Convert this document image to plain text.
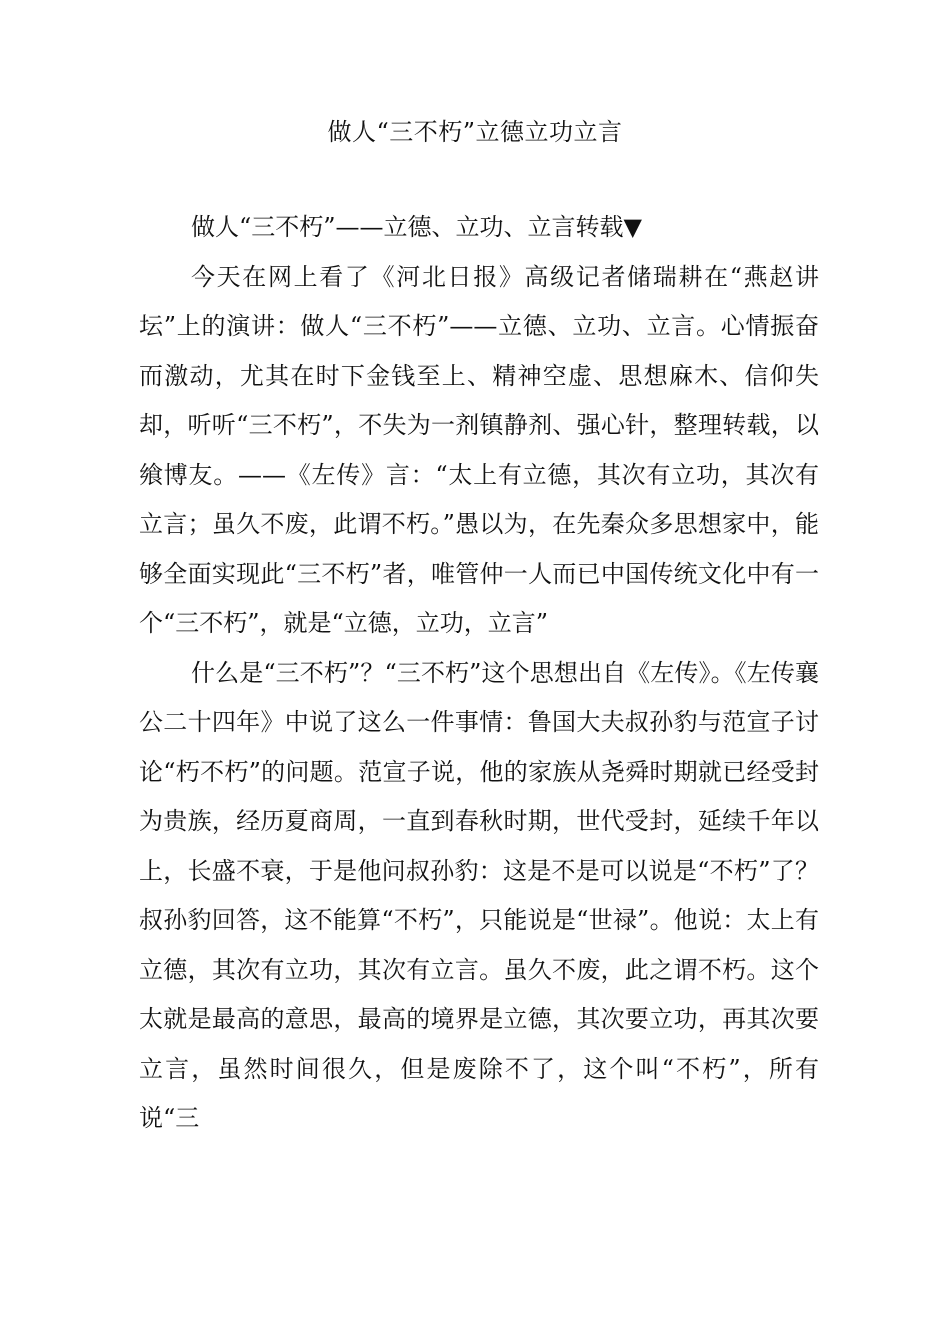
做人“三不朽”立德立功立言

做人“三不朽”——立德、立功、立言转载▼

今天在网上看了《河北日报》高级记者储瑞耕在“燕赵讲坛”上的演讲：做人“三不朽”——立德、立功、立言。心情振奋而激动，尤其在时下金钱至上、精神空虚、思想麻木、信仰失却，听听“三不朽”，不失为一剂镇静剂、强心针，整理转载，以飨博友。——《左传》言：“太上有立德，其次有立功，其次有立言；虽久不废，此谓不朽。”愚以为，在先秦众多思想家中，能够全面实现此“三不朽”者，唯管仲一人而已中国传统文化中有一个“三不朽”，就是“立德，立功，立言”

什么是“三不朽”？“三不朽”这个思想出自《左传》。《左传襄公二十四年》中说了这么一件事情：鲁国大夫叔孙豹与范宣子讨论“朽不朽”的问题。范宣子说，他的家族从尧舜时期就已经受封为贵族，经历夏商周，一直到春秋时期，世代受封，延续千年以上，长盛不衰，于是他问叔孙豹：这是不是可以说是“不朽”了？叔孙豹回答，这不能算“不朽”，只能说是“世禄”。他说：太上有立德，其次有立功，其次有立言。虽久不废，此之谓不朽。这个太就是最高的意思，最高的境界是立德，其次要立功，再其次要立言，虽然时间很久，但是废除不了，这个叫“不朽”，所有说“三
